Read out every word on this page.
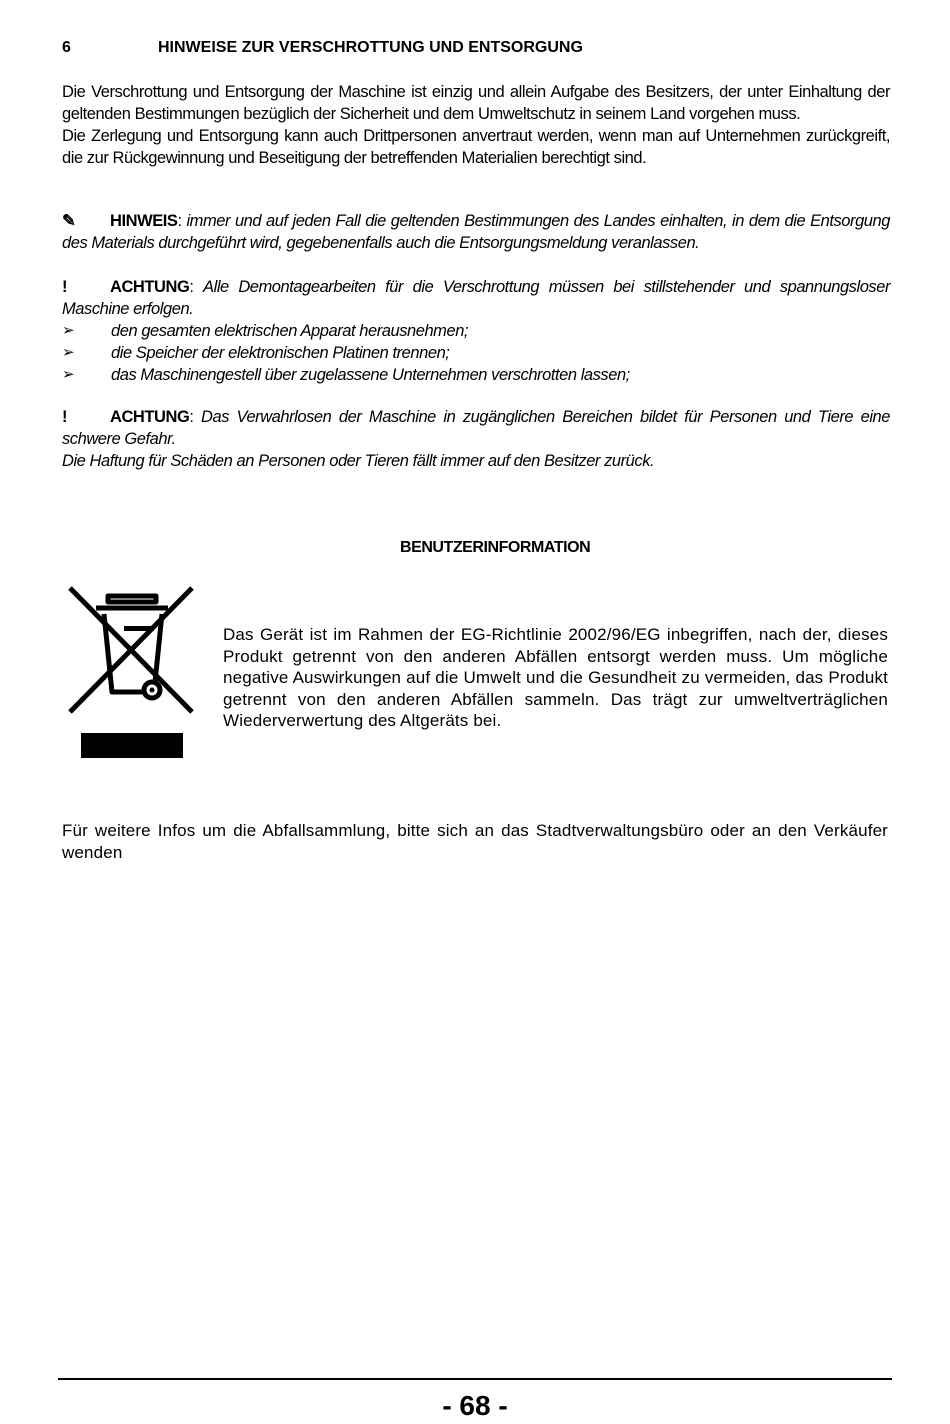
6	HINWEISE ZUR VERSCHROTTUNG UND ENTSORGUNG

Die Verschrottung und Entsorgung der Maschine ist einzig und allein Aufgabe des Besitzers, der unter Einhaltung der geltenden Bestimmungen bezüglich der Sicherheit und dem Umweltschutz in seinem Land vorgehen muss.

Die Zerlegung und Entsorgung kann auch Drittpersonen anvertraut werden, wenn man auf Unternehmen zurückgreift, die zur Rückgewinnung und Beseitigung der betreffenden Materialien berechtigt sind.

✎ HINWEIS: immer und auf jeden Fall die geltenden Bestimmungen des Landes einhalten, in dem die Entsorgung des Materials durchgeführt wird, gegebenenfalls auch die Entsorgungsmeldung veranlassen.

!	ACHTUNG: Alle Demontagearbeiten für die Verschrottung müssen bei stillstehender und spannungsloser Maschine erfolgen.

➢ den gesamten elektrischen Apparat herausnehmen;
➢ die Speicher der elektronischen Platinen trennen;
➢ das Maschinengestell über zugelassene Unternehmen verschrotten lassen;

!	ACHTUNG: Das Verwahrlosen der Maschine in zugänglichen Bereichen bildet für Personen und Tiere eine schwere Gefahr.

Die Haftung für Schäden an Personen oder Tieren fällt immer auf den Besitzer zurück.

BENUTZERINFORMATION
Das Gerät ist im Rahmen der EG-Richtlinie 2002/96/EG inbegriffen, nach der, dieses Produkt getrennt von den anderen Abfällen entsorgt werden muss. Um mögliche negative Auswirkungen auf die Umwelt und die Gesundheit zu vermeiden, das Produkt getrennt von den anderen Abfällen sammeln. Das trägt zur umweltverträglichen Wiederverwertung des Altgeräts bei.
Für weitere Infos um die Abfallsammlung, bitte sich an das Stadtverwaltungsbüro oder an den Verkäufer wenden
- 68 -
